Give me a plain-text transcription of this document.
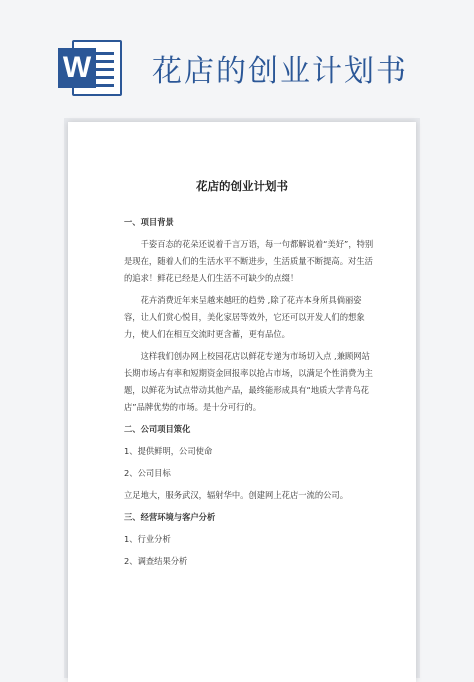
W 花店的创业计划书
花店的创业计划书

一、项目背景

千姿百态的花朵还说着千言万语，每一句都解说着“美好”，特别是现在，随着人们的生活水平不断进步，生活质量不断提高。对生活的追求！鲜花已经是人们生活不可缺少的点缀！

花卉消费近年来呈越来越旺的趋势 ,除了花卉本身所具倘丽姿容，让人们赏心悦目，美化家居等效外，它还可以开发人们的想象力，使人们在相互交流时更含蓄，更有品位。

这样我们创办网上校园花店以鲜花专递为市场切入点 ,兼顾网站长期市场占有率和短期资金回报率以抢占市场，以满足个性消费为主题，以鲜花为试点带动其他产品，最终能形成具有“地质大学青鸟花店”品牌优势的市场。是十分可行的。

二、公司项目策化

1、提供鲜明，公司使命

2、公司目标

立足地大，服务武汉，辐射华中。创建网上花店一流的公司。

三、经营环境与客户分析

1、行业分析

2、调查结果分析
